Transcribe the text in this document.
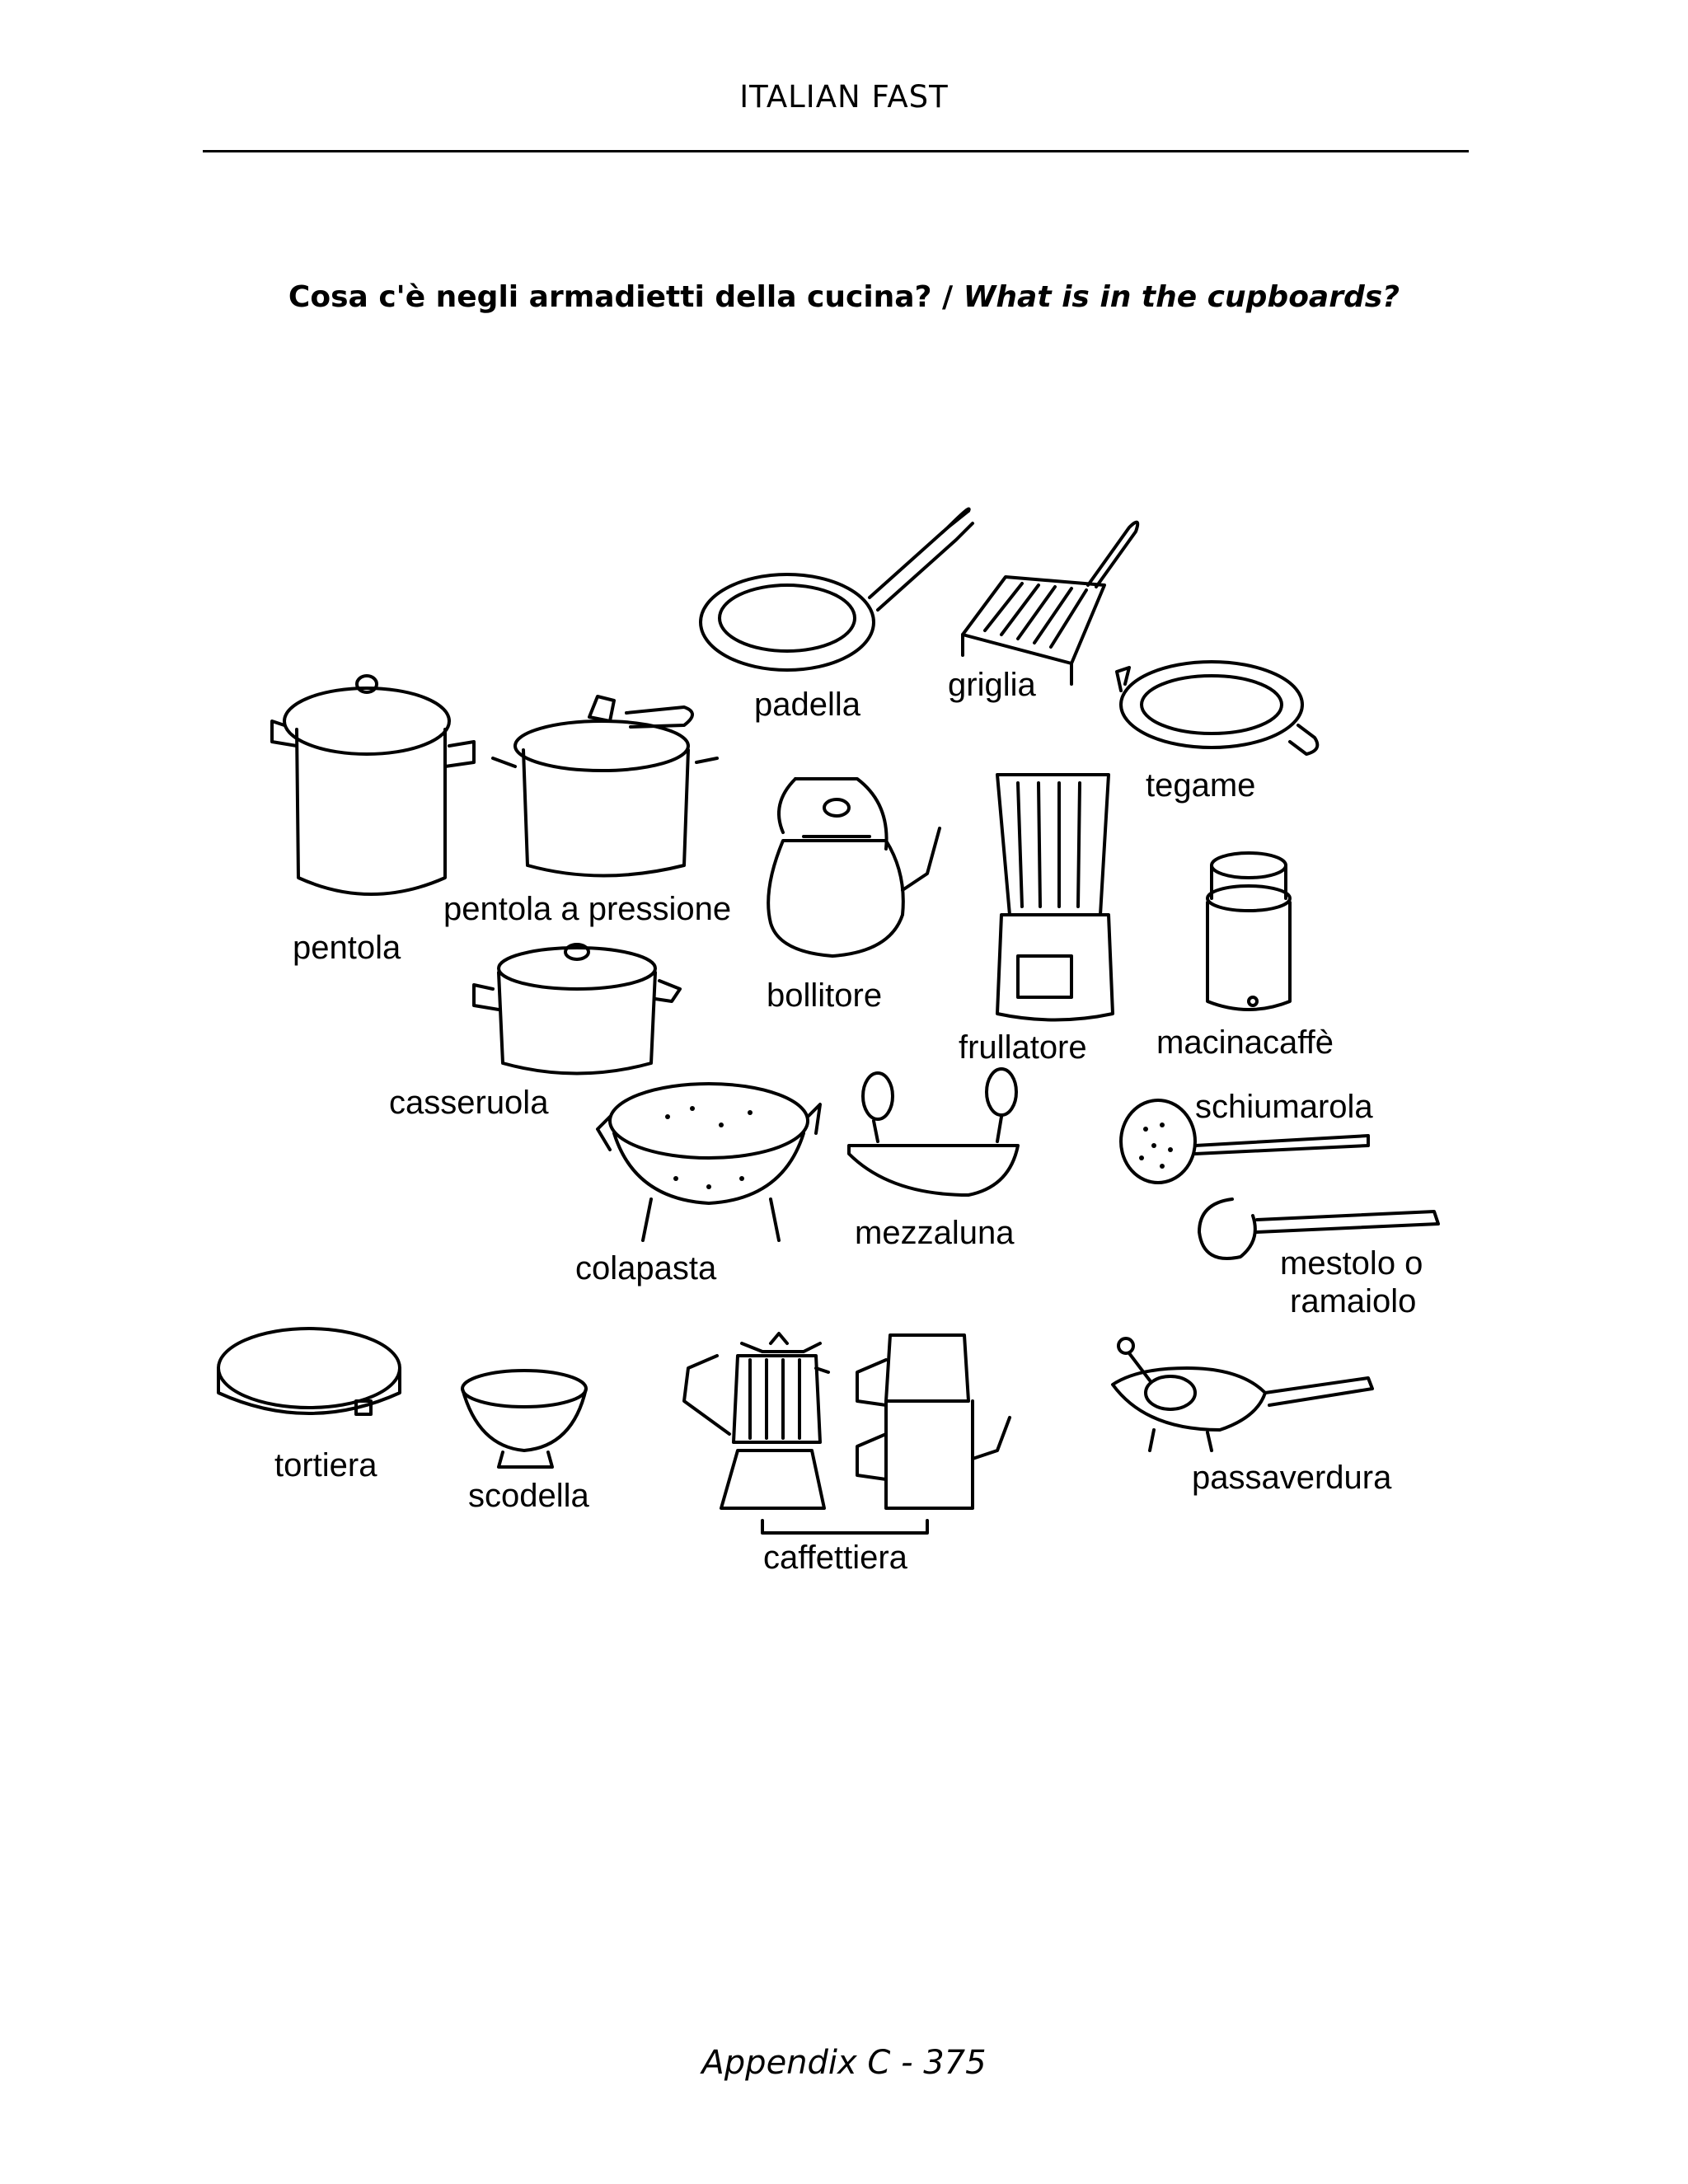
ITALIAN FAST
Cosa c'è negli armadietti della cucina? / What is in the cupboards?
padella
griglia
tegame
pentola
pentola a pressione
bollitore
frullatore macinacaffè
casseruola	schiumarola
mezzaluna
colapasta	mestolo o
ramaiolo
tortiera
scodella	passaverdura
caffettiera
Appendix C - 375
